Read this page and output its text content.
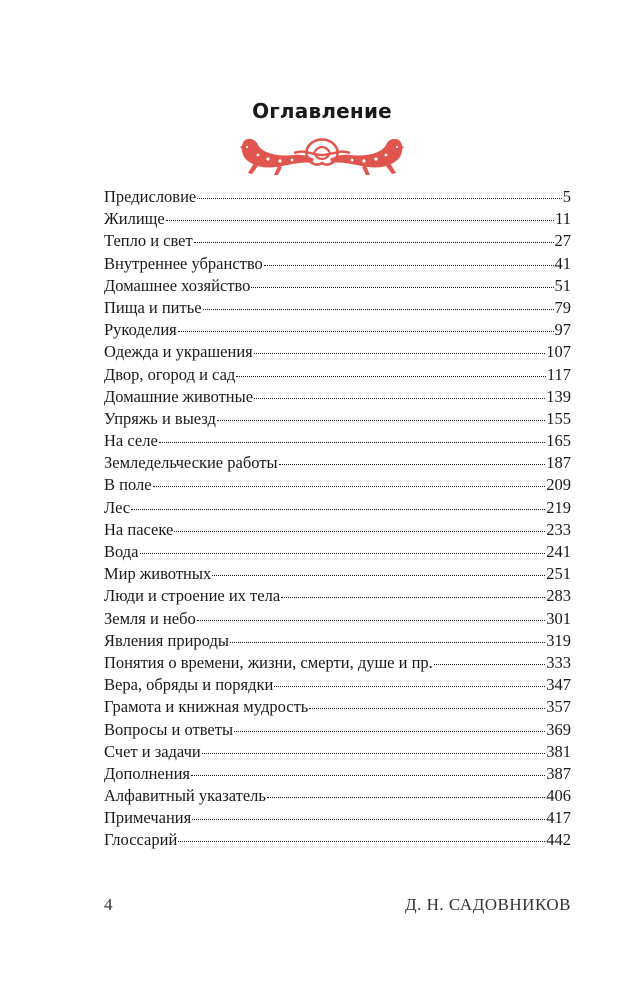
Оглавление
Предисловие	5
Жилище	11
Тепло и свет	27
Внутреннее убранство	41
Домашнее хозяйство	51
Пища и питье	79
Рукоделия	97
Одежда и украшения	107
Двор, огород и сад	117
Домашние животные	139
Упряжь и выезд	155
На селе	165
Земледельческие работы	187
В поле	209
Лес	219
На пасеке	233
Вода	241
Мир животных	251
Люди и строение их тела	283
Земля и небо	301
Явления природы	319
Понятия о времени, жизни, смерти, душе и пр.	333
Вера, обряды и порядки	347
Грамота и книжная мудрость	357
Вопросы и ответы	369
Счет и задачи	381
Дополнения	387
Алфавитный указатель	406
Примечания	417
Глоссарий	442
4	Д. Н. САДОВНИКОВ
